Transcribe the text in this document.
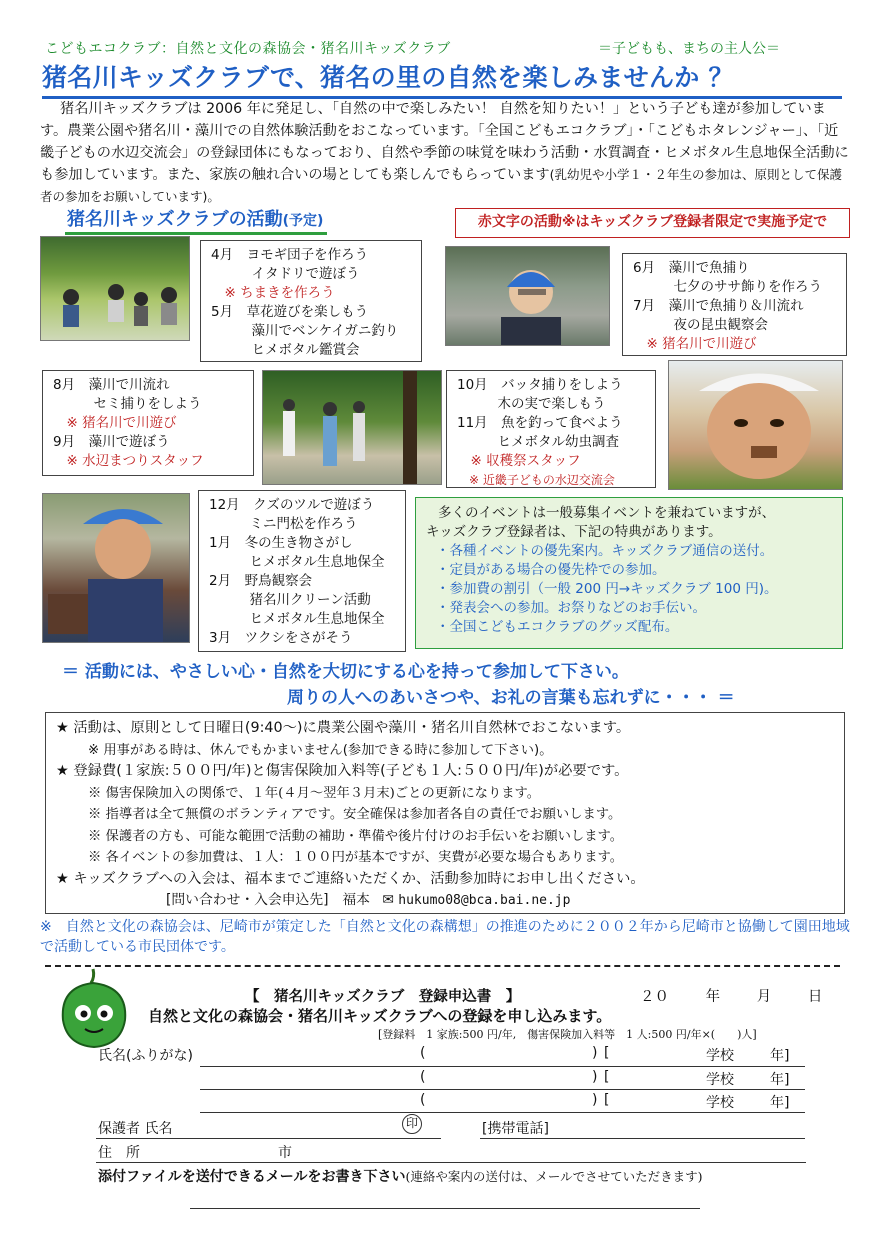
こどもエコクラブ：自然と文化の森協会・猪名川キッズクラブ	＝子どもも、まちの主人公＝
猪名川キッズクラブで、猪名の里の自然を楽しみませんか ？
猪名川キッズクラブは 2006 年に発足し、「自然の中で楽しみたい！ 自然を知りたい！」という子ども達が参加しています。農業公園や猪名川・藻川での自然体験活動をおこなっています。「全国こどもエコクラブ」・「こどもホタレンジャー」、「近畿子どもの水辺交流会」の登録団体にもなっており、自然や季節の味覚を味わう活動・水質調査・ヒメボタル生息地保全活動にも参加しています。また、家族の触れ合いの場としても楽しんでもらっています(乳幼児や小学１・２年生の参加は、原則として保護者の参加をお願いしています)。
猪名川キッズクラブの活動(予定)	赤文字の活動※はキッズクラブ登録者限定で実施予定で
4月　ヨモギ団子を作ろう
　　　イタドリで遊ぼう
　※ ちまきを作ろう
5月　草花遊びを楽しもう
　　　藻川でベンケイガニ釣り
　　　ヒメボタル鑑賞会
6月　藻川で魚捕り
　　　七夕のササ飾りを作ろう
7月　藻川で魚捕り＆川流れ
　　　夜の昆虫観察会
　※ 猪名川で川遊び
8月　藻川で川流れ
　　　セミ捕りをしよう
　※ 猪名川で川遊び
9月　藻川で遊ぼう
　※ 水辺まつりスタッフ
10月　バッタ捕りをしよう
　　　木の実で楽しもう
11月　魚を釣って食べよう
　　　ヒメボタル幼虫調査
　※ 収穫祭スタッフ
　※ 近畿子どもの水辺交流会
12月　クズのツルで遊ぼう
　　　ミニ門松を作ろう
1月　冬の生き物さがし
　　　ヒメボタル生息地保全
2月　野鳥観察会
　　　猪名川クリーン活動
　　　ヒメボタル生息地保全
3月　ツクシをさがそう
多くのイベントは一般募集イベントを兼ねていますが、
キッズクラブ登録者は、下記の特典があります。
・各種イベントの優先案内。キッズクラブ通信の送付。
・定員がある場合の優先枠での参加。
・参加費の割引（一般 200 円→キッズクラブ 100 円)。
・発表会への参加。お祭りなどのお手伝い。
・全国こどもエコクラブのグッズ配布。
＝ 活動には、やさしい心・自然を大切にする心を持って参加して下さい。
周りの人へのあいさつや、お礼の言葉も忘れずに・・・ ＝
★ 活動は、原則として日曜日(9:40～)に農業公園や藻川・猪名川自然林でおこないます。
※ 用事がある時は、休んでもかまいません(参加できる時に参加して下さい)。
★ 登録費(１家族:５００円/年)と傷害保険加入料等(子ども１人:５００円/年)が必要です。
※ 傷害保険加入の関係で、１年(４月～翌年３月末)ごとの更新になります。
※ 指導者は全て無償のボランティアです。安全確保は参加者各自の責任でお願いします。
※ 保護者の方も、可能な範囲で活動の補助・準備や後片付けのお手伝いをお願いします。
※ 各イベントの参加費は、１人：１００円が基本ですが、実費が必要な場合もあります。
★ キッズクラブへの入会は、福本までご連絡いただくか、活動参加時にお申し出ください。
[問い合わせ・入会申込先]　福本 ✉ hukumo08@bca.bai.ne.jp
※　自然と文化の森協会は、尼崎市が策定した「自然と文化の森構想」の推進のために２００２年から尼崎市と協働して園田地域で活動している市民団体です。
【　猪名川キッズクラブ　登録申込書　】	２０	年	月	日
自然と文化の森協会・猪名川キッズクラブへの登録を申し込みます。
[登録料　1 家族:500 円/年,　傷害保険加入料等　1 人:500 円/年×(　　)人]
氏名(ふりがな)	(	) [	学校	年]
(	) [	学校	年]
(	) [	学校	年]
保護者 氏名	印	[携帯電話]
住　所	市
添付ファイルを送付できるメールをお書き下さい(連絡や案内の送付は、メールでさせていただきます)
